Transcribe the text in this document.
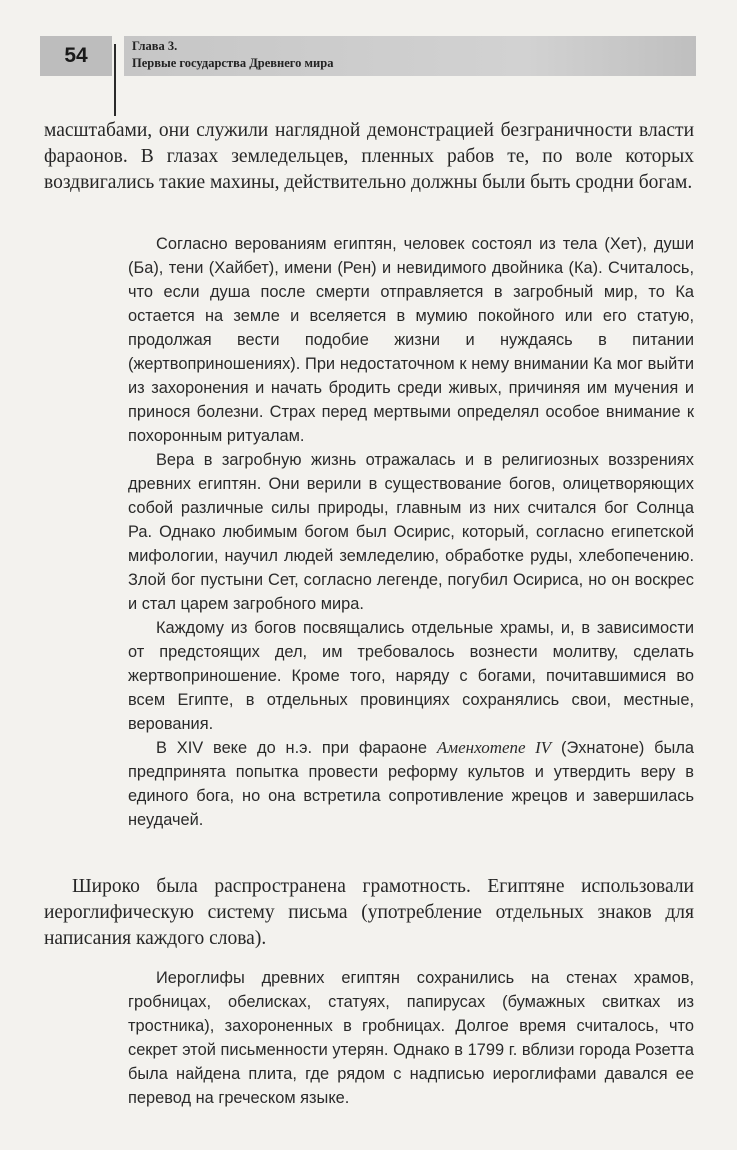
54	Глава 3.
Первые государства Древнего мира

масштабами, они служили наглядной демонстрацией безграничности власти фараонов. В глазах земледельцев, пленных рабов те, по воле которых воздвигались такие махины, действительно должны были быть сродни богам.

Согласно верованиям египтян, человек состоял из тела (Хет), души (Ба), тени (Хайбет), имени (Рен) и невидимого двойника (Ка). Считалось, что если душа после смерти отправляется в загробный мир, то Ка остается на земле и вселяется в мумию покойного или его статую, продолжая вести подобие жизни и нуждаясь в питании (жертвоприношениях). При недостаточном к нему внимании Ка мог выйти из захоронения и начать бродить среди живых, причиняя им мучения и принося болезни. Страх перед мертвыми определял особое внимание к похоронным ритуалам.

Вера в загробную жизнь отражалась и в религиозных воззрениях древних египтян. Они верили в существование богов, олицетворяющих собой различные силы природы, главным из них считался бог Солнца Ра. Однако любимым богом был Осирис, который, согласно египетской мифологии, научил людей земледелию, обработке руды, хлебопечению. Злой бог пустыни Сет, согласно легенде, погубил Осириса, но он воскрес и стал царем загробного мира.

Каждому из богов посвящались отдельные храмы, и, в зависимости от предстоящих дел, им требовалось вознести молитву, сделать жертвоприношение. Кроме того, наряду с богами, почитавшимися во всем Египте, в отдельных провинциях сохранялись свои, местные, верования.

В XIV веке до н.э. при фараоне Аменхотепе IV (Эхнатоне) была предпринята попытка провести реформу культов и утвердить веру в единого бога, но она встретила сопротивление жрецов и завершилась неудачей.

Широко была распространена грамотность. Египтяне использовали иероглифическую систему письма (употребление отдельных знаков для написания каждого слова).

Иероглифы древних египтян сохранились на стенах храмов, гробницах, обелисках, статуях, папирусах (бумажных свитках из тростника), захороненных в гробницах. Долгое время считалось, что секрет этой письменности утерян. Однако в 1799 г. вблизи города Розетта была найдена плита, где рядом с надписью иероглифами давался ее перевод на греческом языке.
